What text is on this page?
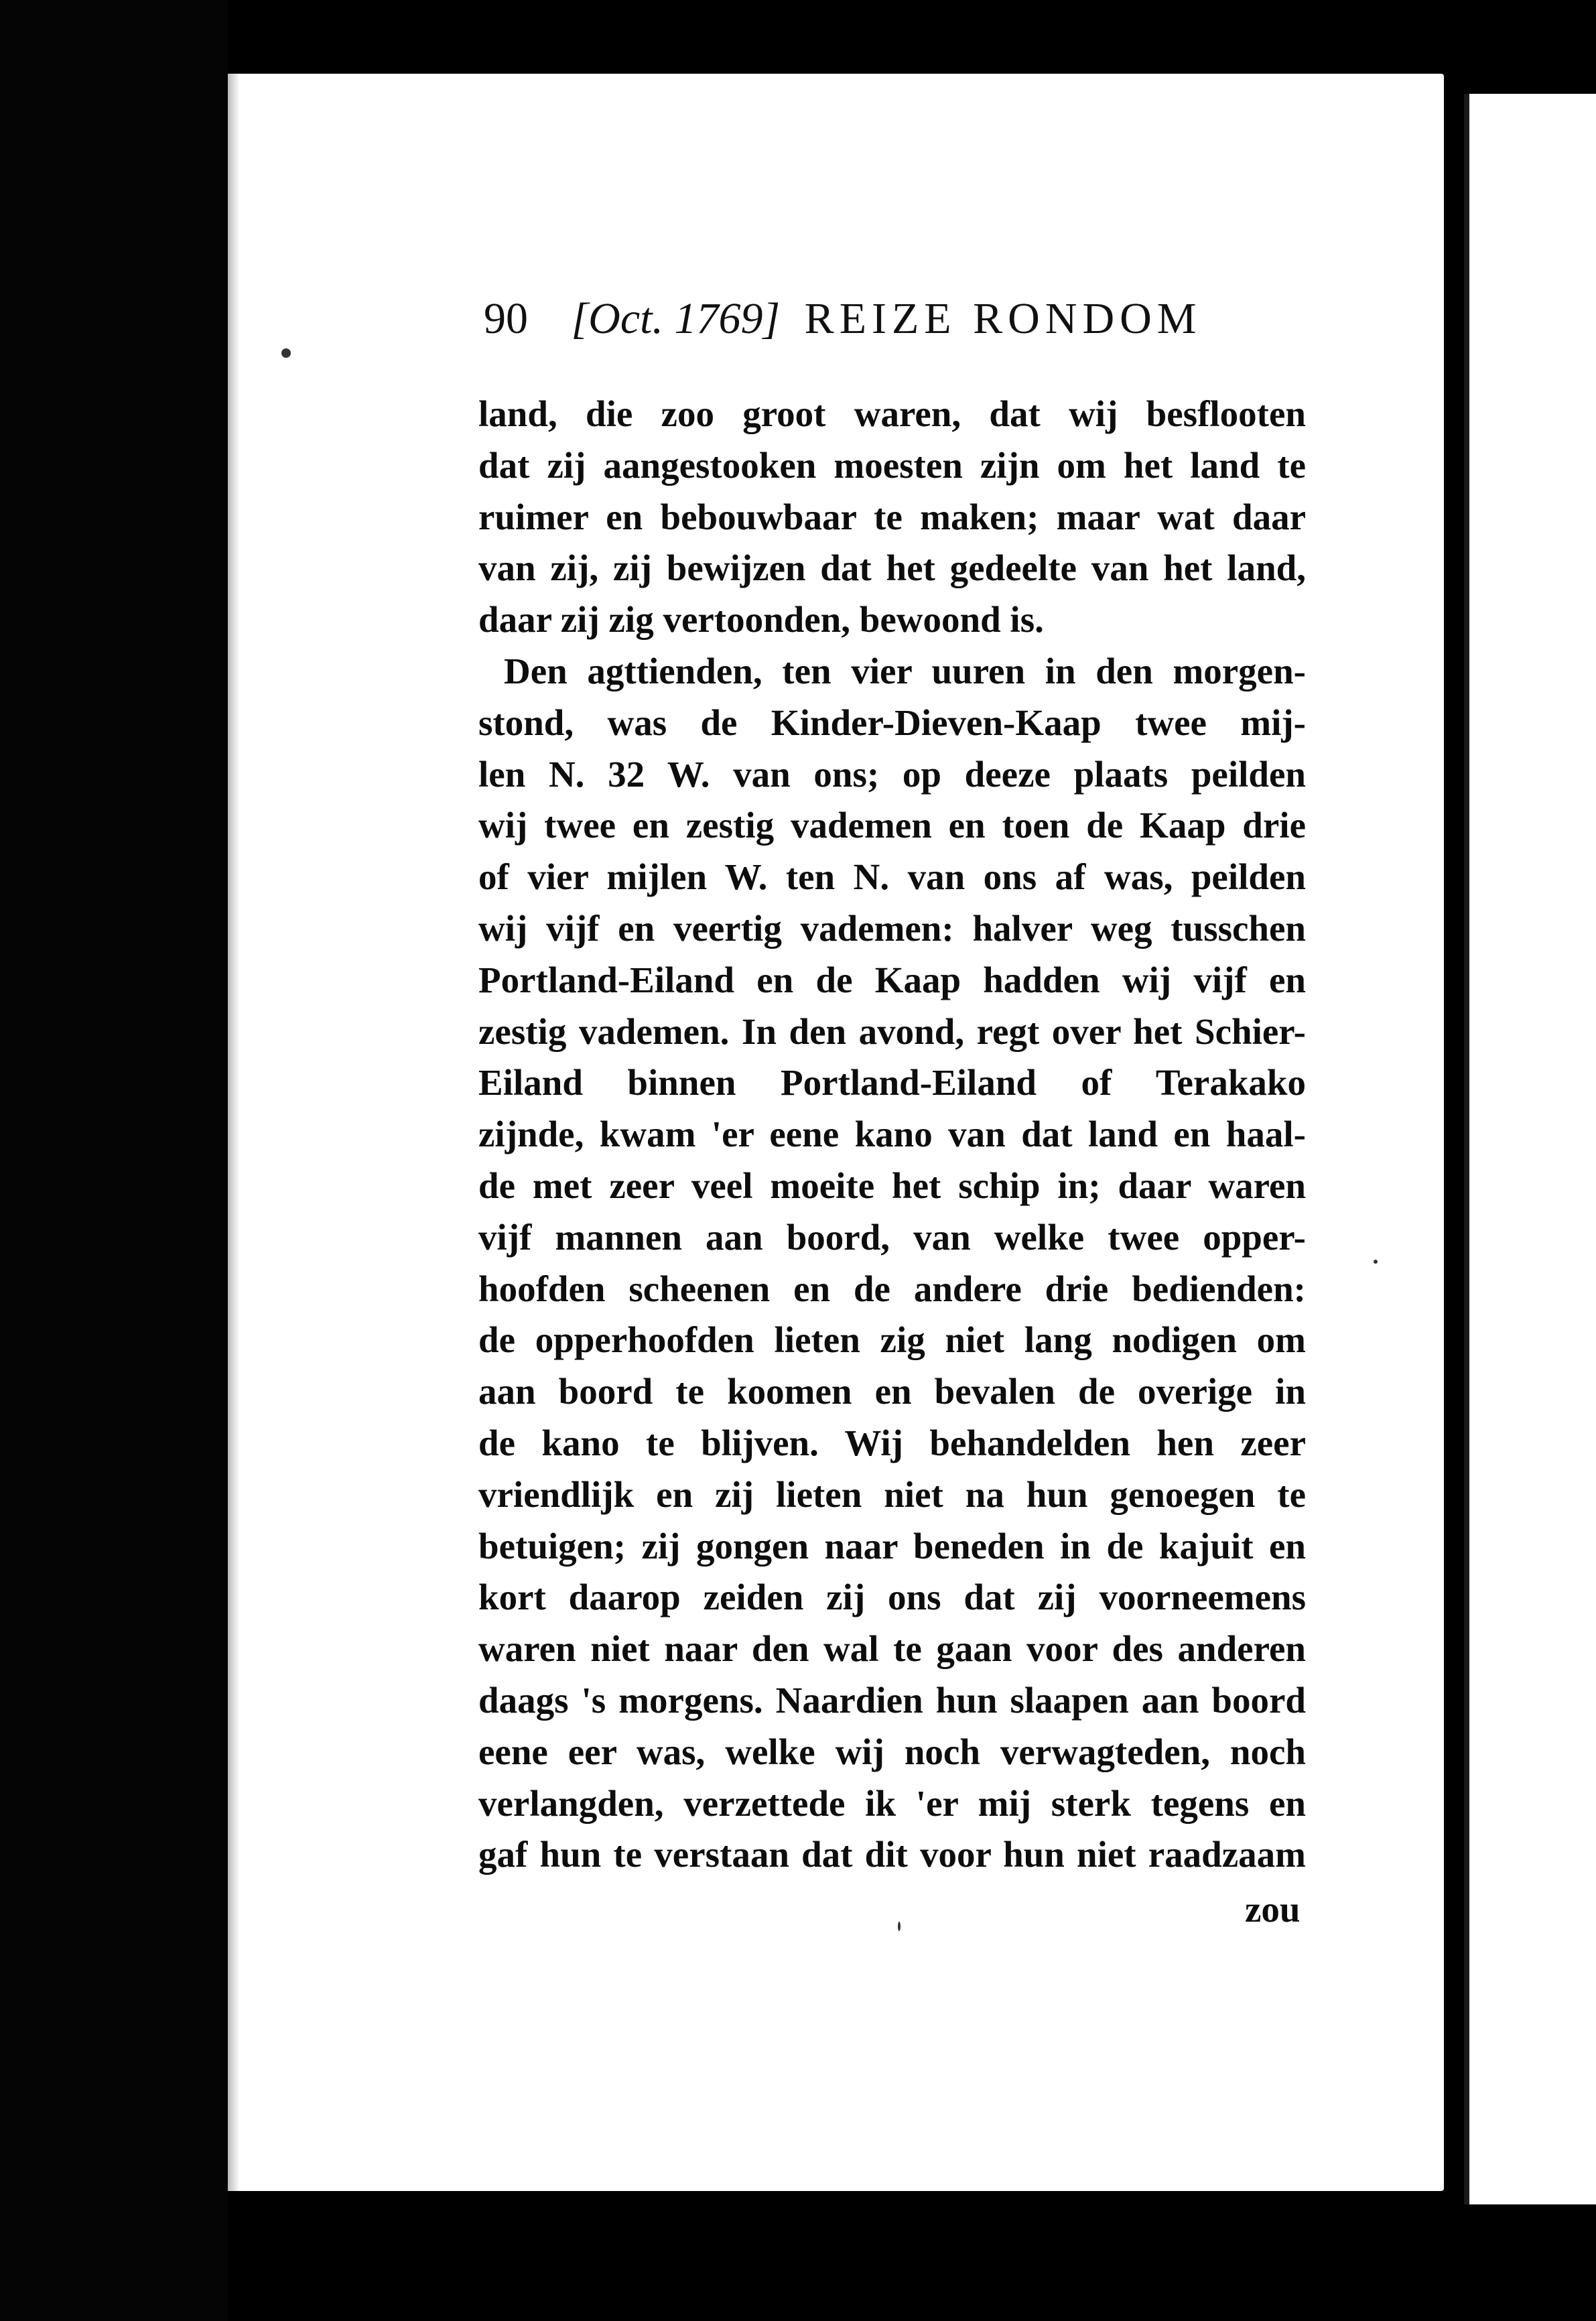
90 [Oct. 1769] REIZE RONDOM
land, die zoo groot waren, dat wij besflooten
dat zij aangestooken moesten zijn om het land te
ruimer en bebouwbaar te maken; maar wat daar
van zij, zij bewijzen dat het gedeelte van het land,
daar zij zig vertoonden, bewoond is.
Den agttienden, ten vier uuren in den morgen-
stond, was de Kinder-Dieven-Kaap twee mij-
len N. 32 W. van ons; op deeze plaats peilden
wij twee en zestig vademen en toen de Kaap drie
of vier mijlen W. ten N. van ons af was, peilden
wij vijf en veertig vademen: halver weg tusschen
Portland-Eiland en de Kaap hadden wij vijf en
zestig vademen. In den avond, regt over het Schier-
Eiland binnen Portland-Eiland of Terakako
zijnde, kwam 'er eene kano van dat land en haal-
de met zeer veel moeite het schip in; daar waren
vijf mannen aan boord, van welke twee opper-
hoofden scheenen en de andere drie bedienden:
de opperhoofden lieten zig niet lang nodigen om
aan boord te koomen en bevalen de overige in
de kano te blijven. Wij behandelden hen zeer
vriendlijk en zij lieten niet na hun genoegen te
betuigen; zij gongen naar beneden in de kajuit en
kort daarop zeiden zij ons dat zij voorneemens
waren niet naar den wal te gaan voor des anderen
daags 's morgens. Naardien hun slaapen aan boord
eene eer was, welke wij noch verwagteden, noch
verlangden, verzettede ik 'er mij sterk tegens en
gaf hun te verstaan dat dit voor hun niet raadzaam
zou
